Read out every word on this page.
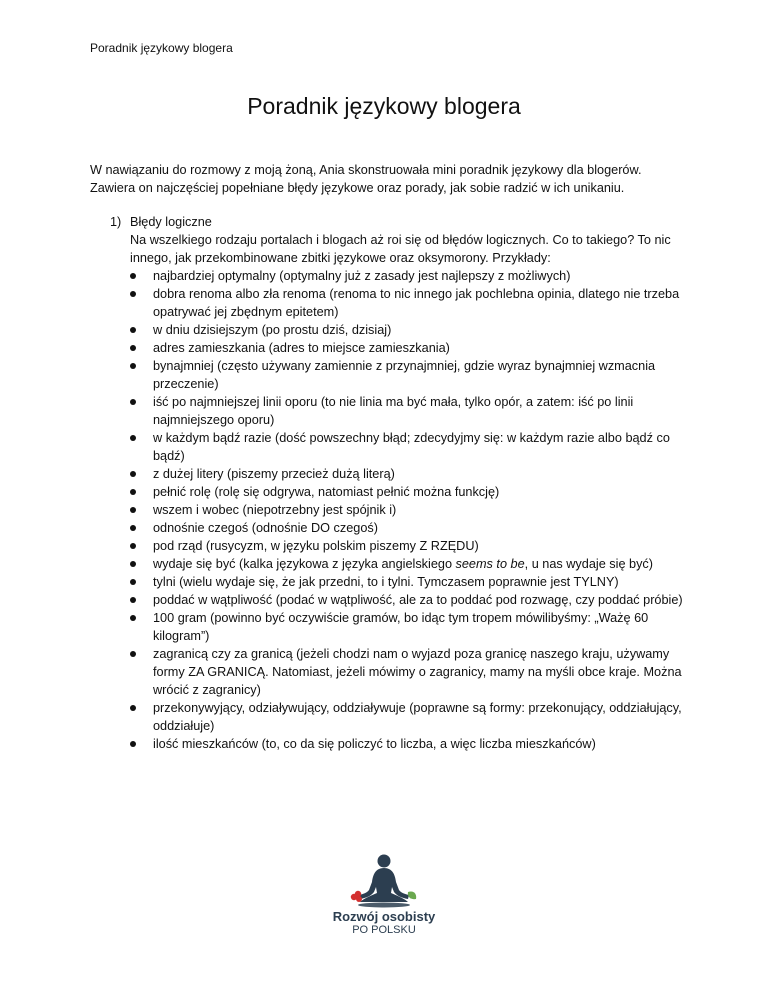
Poradnik językowy blogera
Poradnik językowy blogera

W nawiązaniu do rozmowy z moją żoną, Ania skonstruowała mini poradnik językowy dla blogerów. Zawiera on najczęściej popełniane błędy językowe oraz porady, jak sobie radzić w ich unikaniu.

1) Błędy logiczne
Na wszelkiego rodzaju portalach i blogach aż roi się od błędów logicznych. Co to takiego? To nic innego, jak przekombinowane zbitki językowe oraz oksymorony. Przykłady:
najbardziej optymalny (optymalny już z zasady jest najlepszy z możliwych)
dobra renoma albo zła renoma (renoma to nic innego jak pochlebna opinia, dlatego nie trzeba opatrywać jej zbędnym epitetem)
w dniu dzisiejszym (po prostu dziś, dzisiaj)
adres zamieszkania (adres to miejsce zamieszkania)
bynajmniej (często używany zamiennie z przynajmniej, gdzie wyraz bynajmniej wzmacnia przeczenie)
iść po najmniejszej linii oporu (to nie linia ma być mała, tylko opór, a zatem: iść po linii najmniejszego oporu)
w każdym bądź razie (dość powszechny błąd; zdecydyjmy się: w każdym razie albo bądź co bądź)
z dużej litery (piszemy przecież dużą literą)
pełnić rolę (rolę się odgrywa, natomiast pełnić można funkcję)
wszem i wobec (niepotrzebny jest spójnik i)
odnośnie czegoś (odnośnie DO czegoś)
pod rząd (rusycyzm, w języku polskim piszemy Z RZĘDU)
wydaje się być (kalka językowa z języka angielskiego seems to be, u nas wydaje się być)
tylni (wielu wydaje się, że jak przedni, to i tylni. Tymczasem poprawnie jest TYLNY)
poddać w wątpliwość (podać w wątpliwość, ale za to poddać pod rozwagę, czy poddać próbie)
100 gram (powinno być oczywiście gramów, bo idąc tym tropem mówilibyśmy: „Ważę 60 kilogram”)
zagranicą czy za granicą (jeżeli chodzi nam o wyjazd poza granicę naszego kraju, używamy formy ZA GRANICĄ. Natomiast, jeżeli mówimy o zagranicy, mamy na myśli obce kraje. Można wrócić z zagranicy)
przekonywyjący, odziaływujący, oddziaływuje (poprawne są formy: przekonujący, oddziałujący, oddziałuje)
ilość mieszkańców (to, co da się policzyć to liczba, a więc liczba mieszkańców)
Rozwój osobisty
PO POLSKU
